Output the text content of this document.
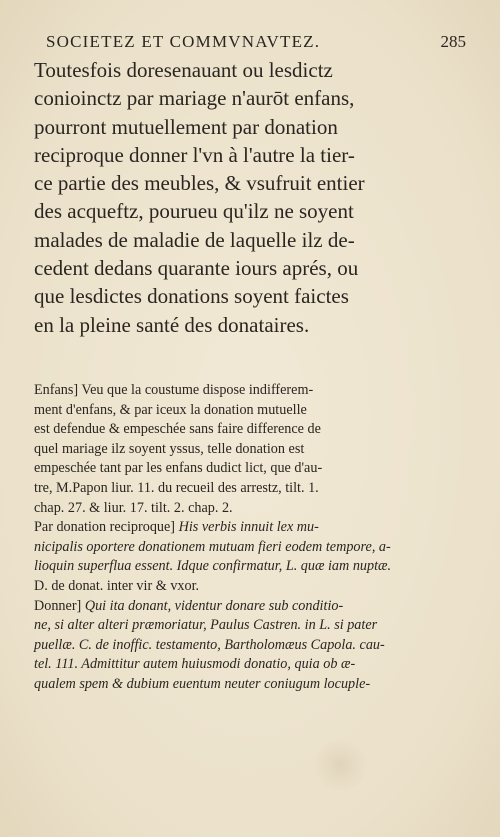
SOCIETEZ ET COMMVNAVTEZ.	285
Toutesfois doresenauant ou lesdictz
conioinctz par mariage n'aurōt enfans,
pourront mutuellement par donation
reciproque donner l'vn à l'autre la tier-
ce partie des meubles, & vsufruit entier
des acqueftz, pourueu qu'ilz ne soyent
malades de maladie de laquelle ilz de-
cedent dedans quarante iours aprés, ou
que lesdictes donations soyent faictes
en la pleine santé des donataires.
Enfans] Veu que la coustume dispose indifferem-
ment d'enfans, & par iceux la donation mutuelle
est defendue & empeschée sans faire difference de
quel mariage ilz soyent yssus, telle donation est
empeschée tant par les enfans dudict lict, que d'au-
tre, M.Papon liur. 11. du recueil des arrestz, tilt. 1.
chap. 27. & liur. 17. tilt. 2. chap. 2.
Par donation reciproque] His verbis innuit lex mu-
nicipalis oportere donationem mutuam fieri eodem tempore, a-
lioquin superflua essent. Idque confirmatur, L. quæ iam nuptæ.
D. de donat. inter vir & vxor.
Donner] Qui ita donant, videntur donare sub conditio-
ne, si alter alteri præmoriatur, Paulus Castren. in L. si pater
puellæ. C. de inoffic. testamento, Bartholomæus Capola. cau-
tel. 111. Admittitur autem huiusmodi donatio, quia ob æ-
qualem spem & dubium euentum neuter coniugum locuple-
